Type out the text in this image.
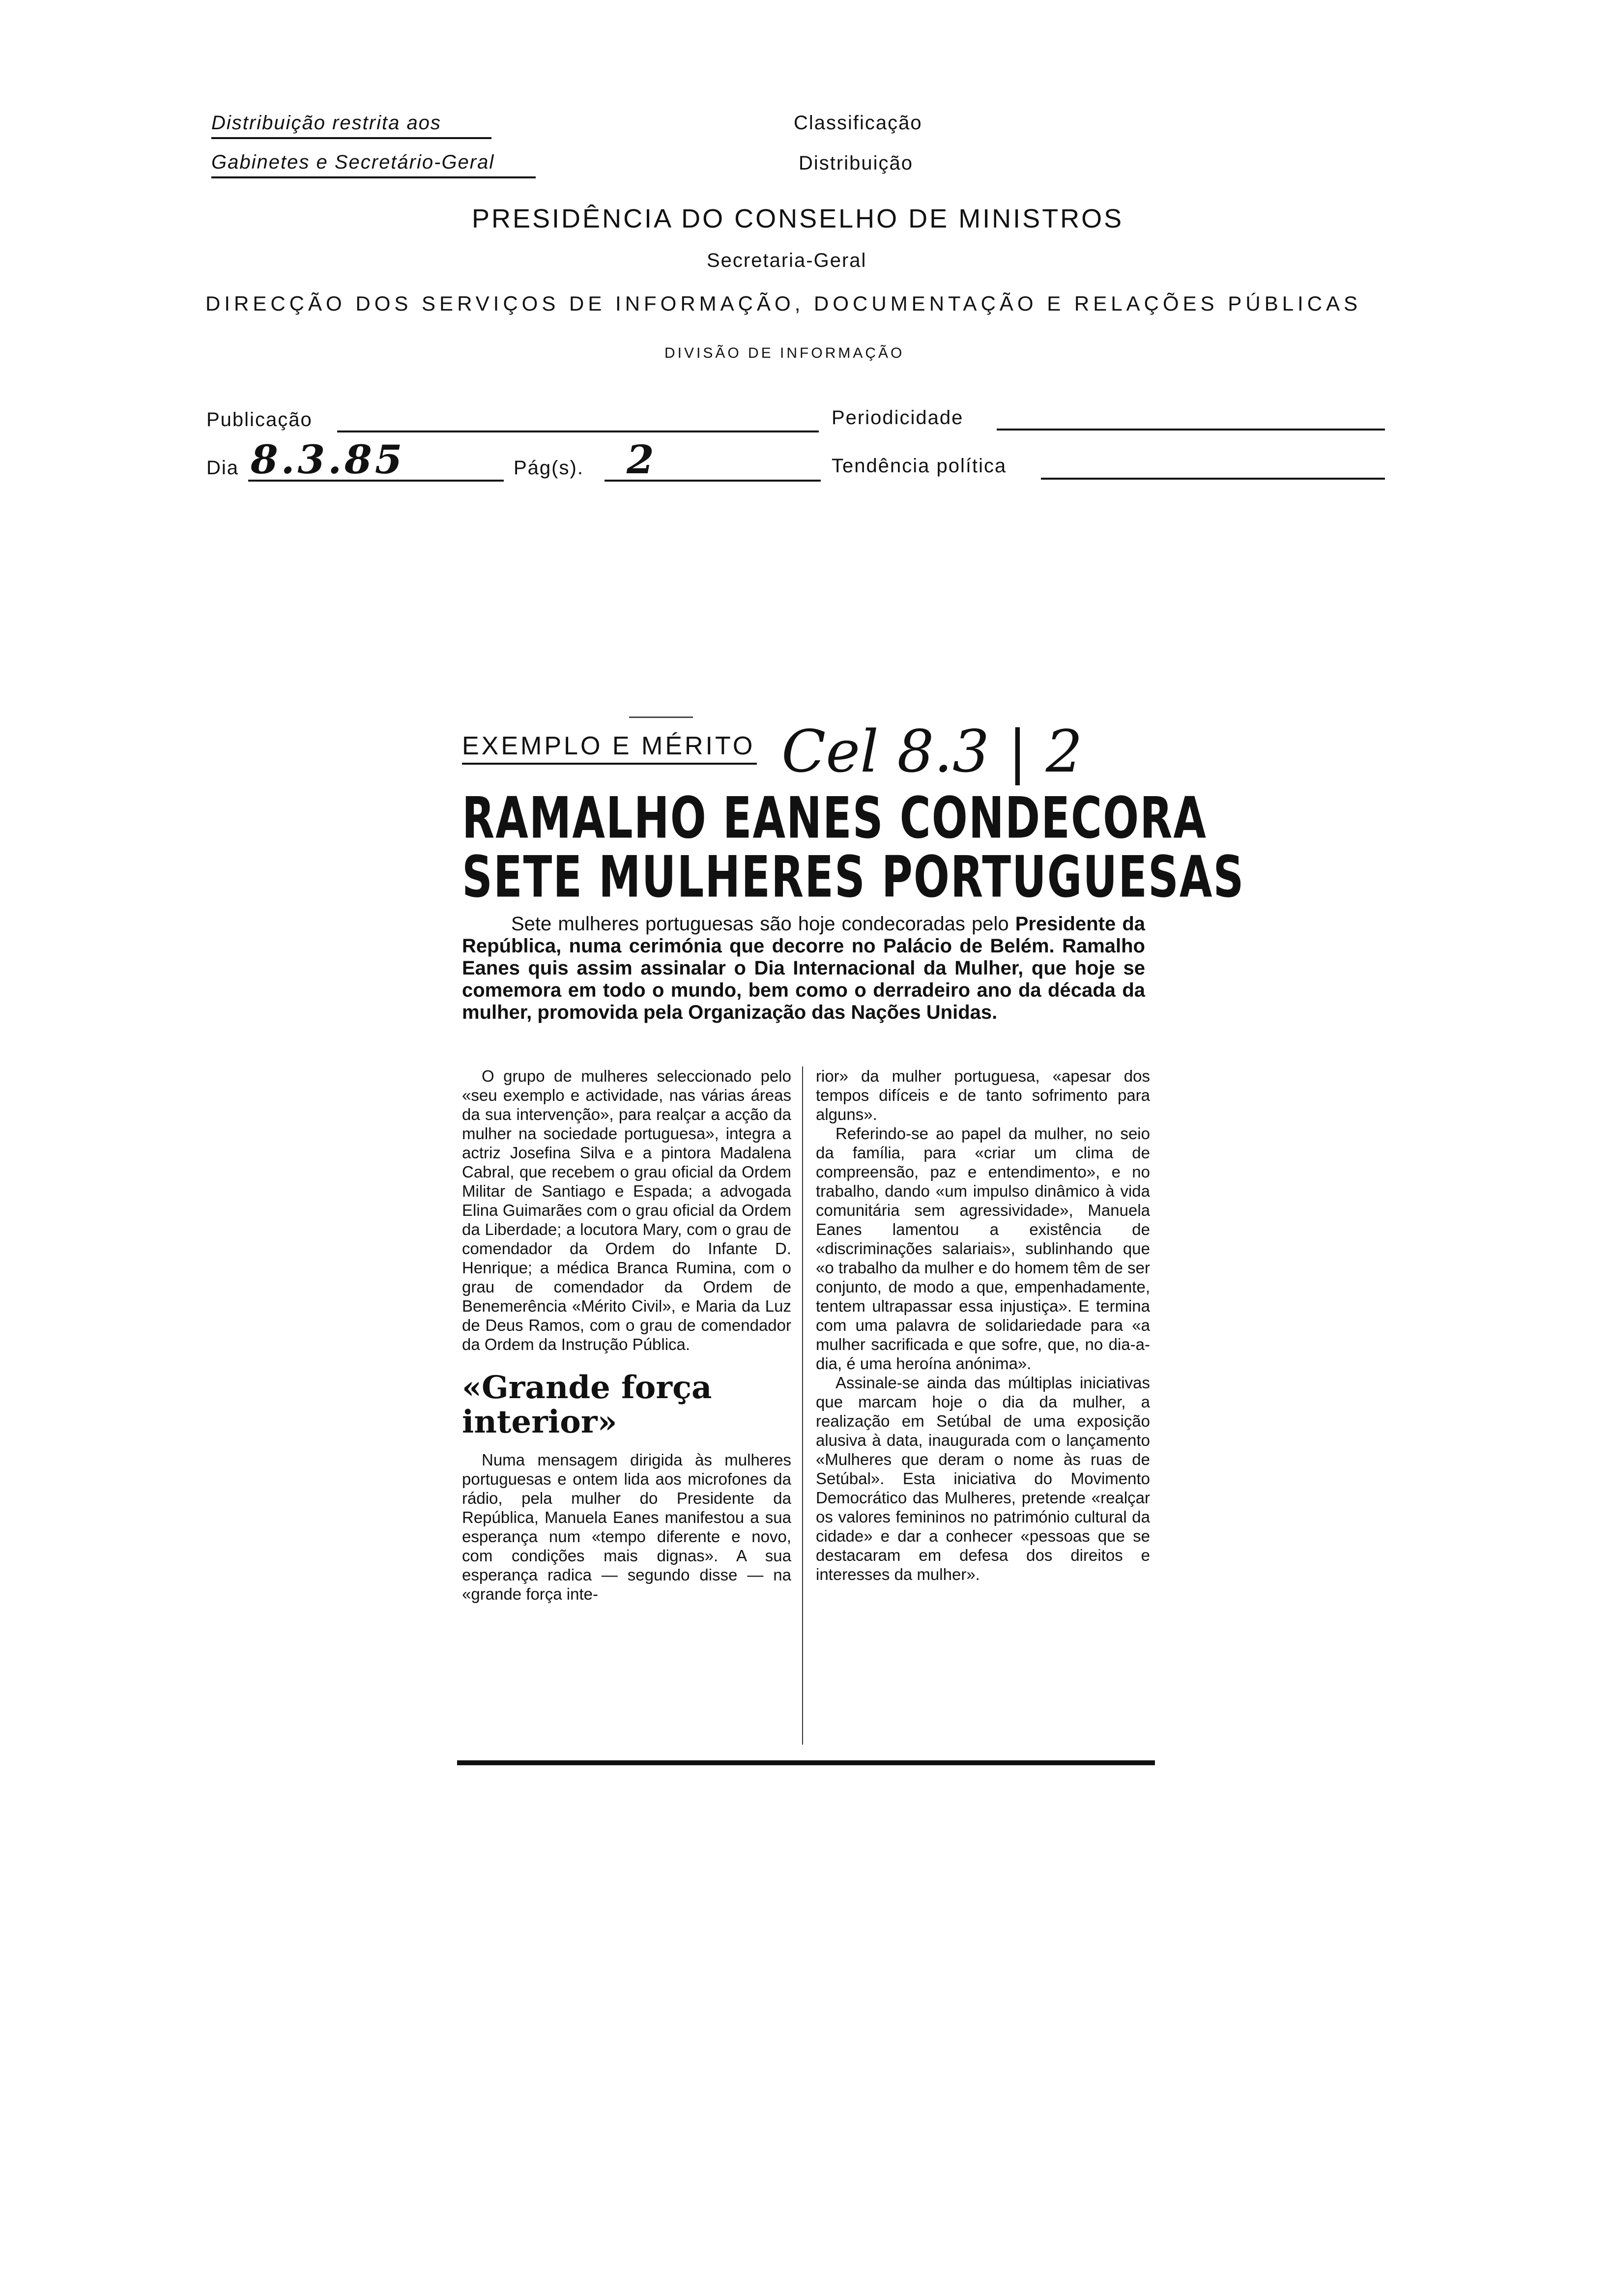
Distribuição restrita aos
Gabinetes e Secretário-Geral
Classificação
Distribuição
PRESIDÊNCIA DO CONSELHO DE MINISTROS
Secretaria-Geral
DIRECÇÃO DOS SERVIÇOS DE INFORMAÇÃO, DOCUMENTAÇÃO E RELAÇÕES PÚBLICAS
DIVISÃO DE INFORMAÇÃO
Publicação	Periodicidade
Dia 8.3.85	Pág(s). 2	Tendência política
EXEMPLO E MÉRITO Cel 8.3 | 2
RAMALHO EANES CONDECORA
SETE MULHERES PORTUGUESAS
Sete mulheres portuguesas são hoje condecoradas pelo Presidente da República, numa cerimónia que decorre no Palácio de Belém. Ramalho Eanes quis assim assinalar o Dia Internacional da Mulher, que hoje se comemora em todo o mundo, bem como o derradeiro ano da década da mulher, promovida pela Organização das Nações Unidas.
O grupo de mulheres seleccionado pelo «seu exemplo e actividade, nas várias áreas da sua intervenção», para realçar a acção da mulher na sociedade portuguesa», integra a actriz Josefina Silva e a pintora Madalena Cabral, que recebem o grau oficial da Ordem Militar de Santiago e Espada; a advogada Elina Guimarães com o grau oficial da Ordem da Liberdade; a locutora Mary, com o grau de comendador da Ordem do Infante D. Henrique; a médica Branca Rumina, com o grau de comendador da Ordem de Benemerência «Mérito Civil», e Maria da Luz de Deus Ramos, com o grau de comendador da Ordem da Instrução Pública.
«Grande força interior»
Numa mensagem dirigida às mulheres portuguesas e ontem lida aos microfones da rádio, pela mulher do Presidente da República, Manuela Eanes manifestou a sua esperança num «tempo diferente e novo, com condições mais dignas». A sua esperança radica — segundo disse — na «grande força inte-
rior» da mulher portuguesa, «apesar dos tempos difíceis e de tanto sofrimento para alguns».
Referindo-se ao papel da mulher, no seio da família, para «criar um clima de compreensão, paz e entendimento», e no trabalho, dando «um impulso dinâmico à vida comunitária sem agressividade», Manuela Eanes lamentou a existência de «discriminações salariais», sublinhando que «o trabalho da mulher e do homem têm de ser conjunto, de modo a que, empenhadamente, tentem ultrapassar essa injustiça». E termina com uma palavra de solidariedade para «a mulher sacrificada e que sofre, que, no dia-a-dia, é uma heroína anónima».
Assinale-se ainda das múltiplas iniciativas que marcam hoje o dia da mulher, a realização em Setúbal de uma exposição alusiva à data, inaugurada com o lançamento «Mulheres que deram o nome às ruas de Setúbal». Esta iniciativa do Movimento Democrático das Mulheres, pretende «realçar os valores femininos no património cultural da cidade» e dar a conhecer «pessoas que se destacaram em defesa dos direitos e interesses da mulher».
